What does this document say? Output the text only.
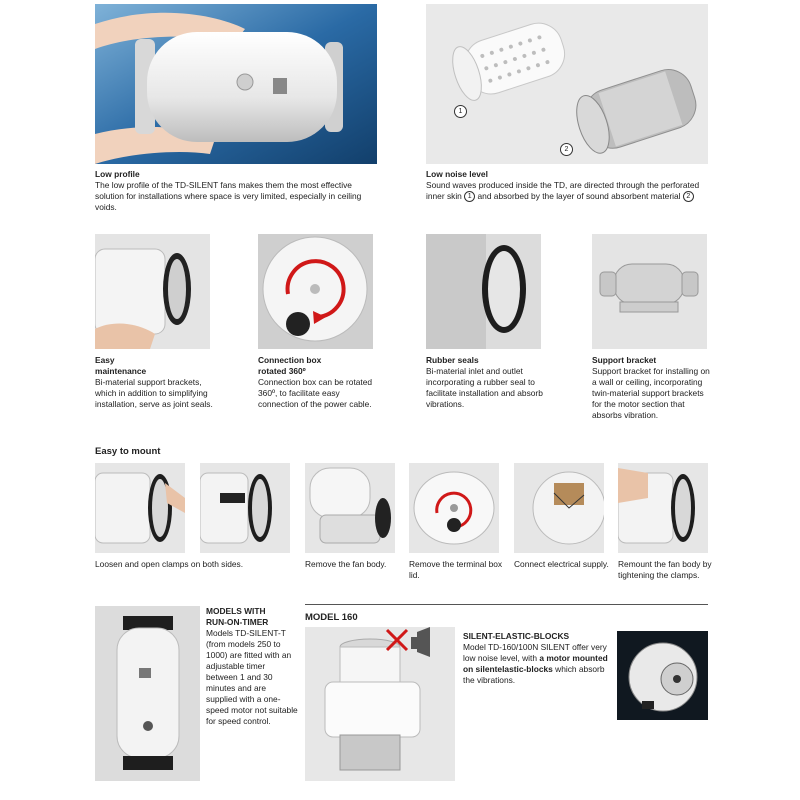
Low profile
The low profile of the TD-SILENT fans makes them the most effective solution for installations where space is very limited, especially in ceiling voids.
1
2
Low noise level
Sound waves produced inside the TD, are directed through the perforated inner skin 1 and absorbed by the layer of sound absorbent material 2
Easy
maintenance
Bi-material support brackets, which in addition to simplifying installation, serve as joint seals.
Connection box
rotated 360º
Connection box can be rotated 360º, to facilitate easy connection of the power cable.
Rubber seals
Bi-material inlet and outlet incorporating a rubber seal to facilitate installation and absorb vibrations.
Support bracket
Support bracket for installing on a wall or ceiling, incorporating twin-material support brackets for the motor section that absorbs vibration.
Easy to mount
Loosen and open clamps on both sides.	Remove the fan body.	Remove the terminal box lid.
Connect electrical supply. Remount the fan body by tightening the clamps.
MODELS WITH
RUN-ON-TIMER
Models TD-SILENT-T (from models 250 to 1000) are fitted with an adjustable timer between 1 and 30 minutes and are supplied with a one-speed motor not suitable for speed control.
MODEL 160
SILENT-ELASTIC-BLOCKS
Model TD-160/100N SILENT offer very low noise level, with a motor mounted on silentelastic-blocks which absorb the vibrations.
